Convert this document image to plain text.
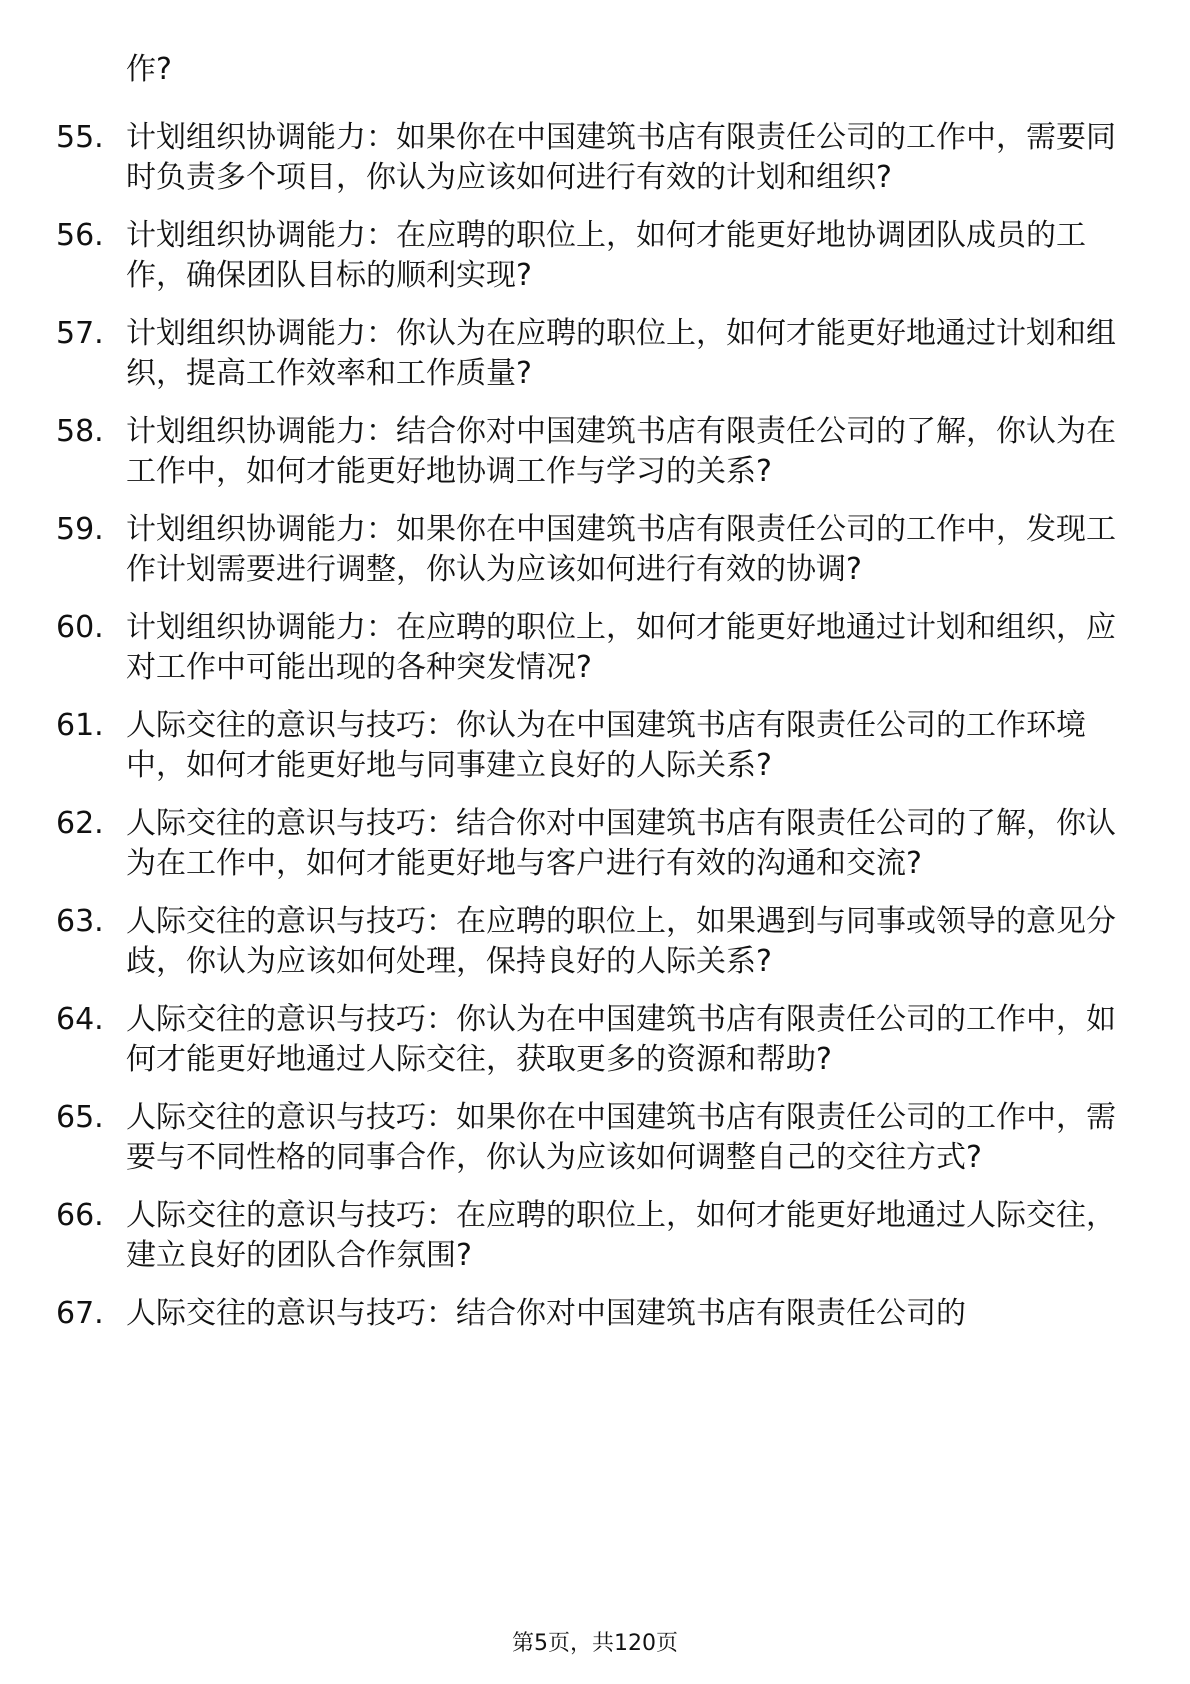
作?

55. 计划组织协调能力：如果你在中国建筑书店有限责任公司的工作中，需要同时负责多个项目，你认为应该如何进行有效的计划和组织?
56. 计划组织协调能力：在应聘的职位上，如何才能更好地协调团队成员的工作，确保团队目标的顺利实现?
57. 计划组织协调能力：你认为在应聘的职位上，如何才能更好地通过计划和组织，提高工作效率和工作质量?
58. 计划组织协调能力：结合你对中国建筑书店有限责任公司的了解，你认为在工作中，如何才能更好地协调工作与学习的关系?
59. 计划组织协调能力：如果你在中国建筑书店有限责任公司的工作中，发现工作计划需要进行调整，你认为应该如何进行有效的协调?
60. 计划组织协调能力：在应聘的职位上，如何才能更好地通过计划和组织，应对工作中可能出现的各种突发情况?
61. 人际交往的意识与技巧：你认为在中国建筑书店有限责任公司的工作环境中，如何才能更好地与同事建立良好的人际关系?
62. 人际交往的意识与技巧：结合你对中国建筑书店有限责任公司的了解，你认为在工作中，如何才能更好地与客户进行有效的沟通和交流?
63. 人际交往的意识与技巧：在应聘的职位上，如果遇到与同事或领导的意见分歧，你认为应该如何处理，保持良好的人际关系?
64. 人际交往的意识与技巧：你认为在中国建筑书店有限责任公司的工作中，如何才能更好地通过人际交往，获取更多的资源和帮助?
65. 人际交往的意识与技巧：如果你在中国建筑书店有限责任公司的工作中，需要与不同性格的同事合作，你认为应该如何调整自己的交往方式?
66. 人际交往的意识与技巧：在应聘的职位上，如何才能更好地通过人际交往，建立良好的团队合作氛围?
67. 人际交往的意识与技巧：结合你对中国建筑书店有限责任公司的
第5页，共120页
